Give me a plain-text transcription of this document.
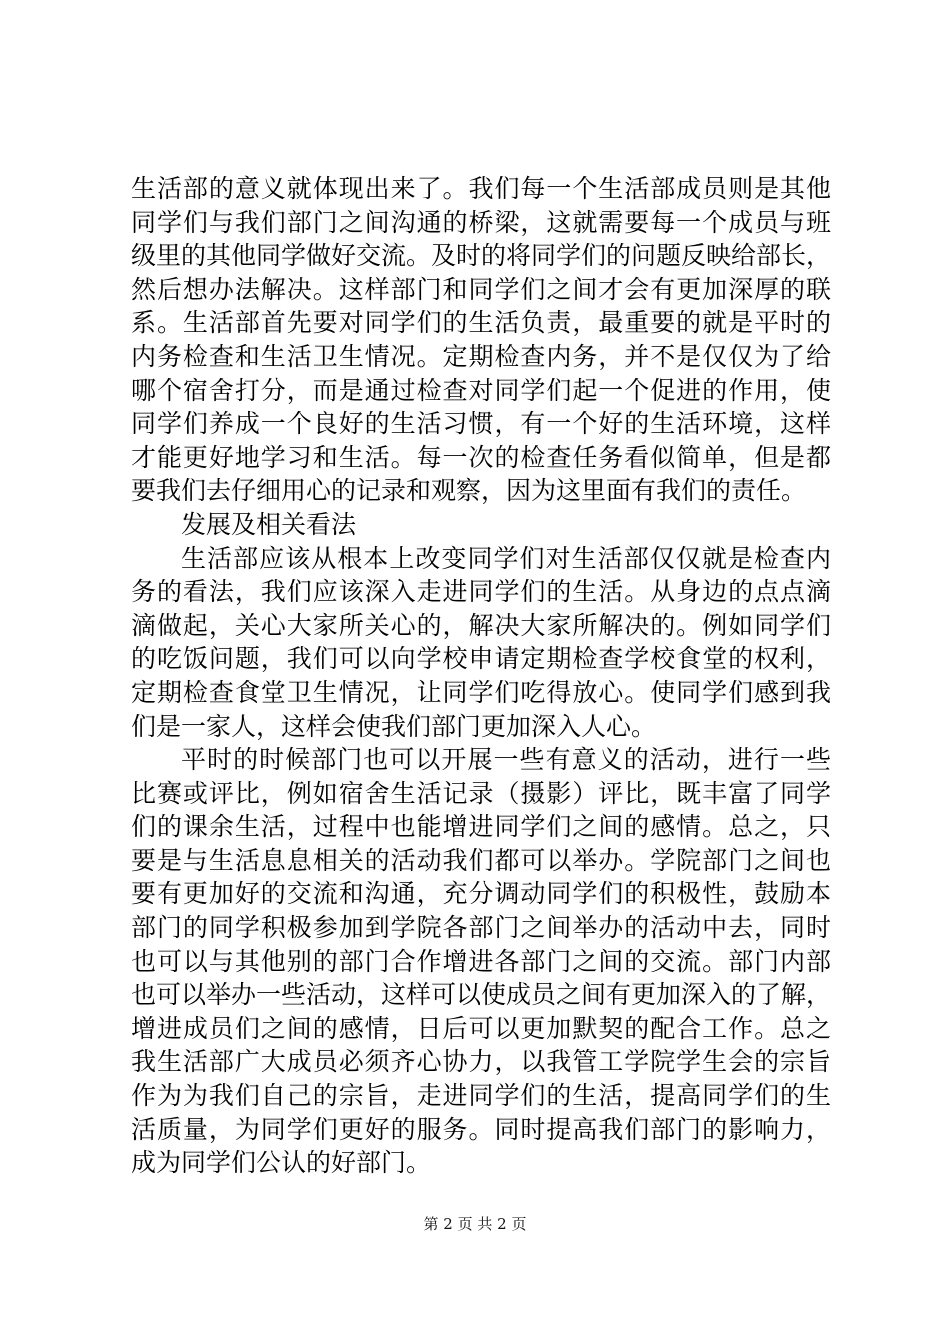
生活部的意义就体现出来了。我们每一个生活部成员则是其他
同学们与我们部门之间沟通的桥梁，这就需要每一个成员与班
级里的其他同学做好交流。及时的将同学们的问题反映给部长，
然后想办法解决。这样部门和同学们之间才会有更加深厚的联
系。生活部首先要对同学们的生活负责，最重要的就是平时的
内务检查和生活卫生情况。定期检查内务，并不是仅仅为了给
哪个宿舍打分，而是通过检查对同学们起一个促进的作用，使
同学们养成一个良好的生活习惯，有一个好的生活环境，这样
才能更好地学习和生活。每一次的检查任务看似简单，但是都
要我们去仔细用心的记录和观察，因为这里面有我们的责任。
发展及相关看法
生活部应该从根本上改变同学们对生活部仅仅就是检查内
务的看法，我们应该深入走进同学们的生活。从身边的点点滴
滴做起，关心大家所关心的，解决大家所解决的。例如同学们
的吃饭问题，我们可以向学校申请定期检查学校食堂的权利，
定期检查食堂卫生情况，让同学们吃得放心。使同学们感到我
们是一家人，这样会使我们部门更加深入人心。
平时的时候部门也可以开展一些有意义的活动，进行一些
比赛或评比，例如宿舍生活记录（摄影）评比，既丰富了同学
们的课余生活，过程中也能增进同学们之间的感情。总之，只
要是与生活息息相关的活动我们都可以举办。学院部门之间也
要有更加好的交流和沟通，充分调动同学们的积极性，鼓励本
部门的同学积极参加到学院各部门之间举办的活动中去，同时
也可以与其他别的部门合作增进各部门之间的交流。部门内部
也可以举办一些活动，这样可以使成员之间有更加深入的了解，
增进成员们之间的感情，日后可以更加默契的配合工作。总之
我生活部广大成员必须齐心协力，以我管工学院学生会的宗旨
作为为我们自己的宗旨，走进同学们的生活，提高同学们的生
活质量，为同学们更好的服务。同时提高我们部门的影响力，
成为同学们公认的好部门。
第 2 页 共 2 页
